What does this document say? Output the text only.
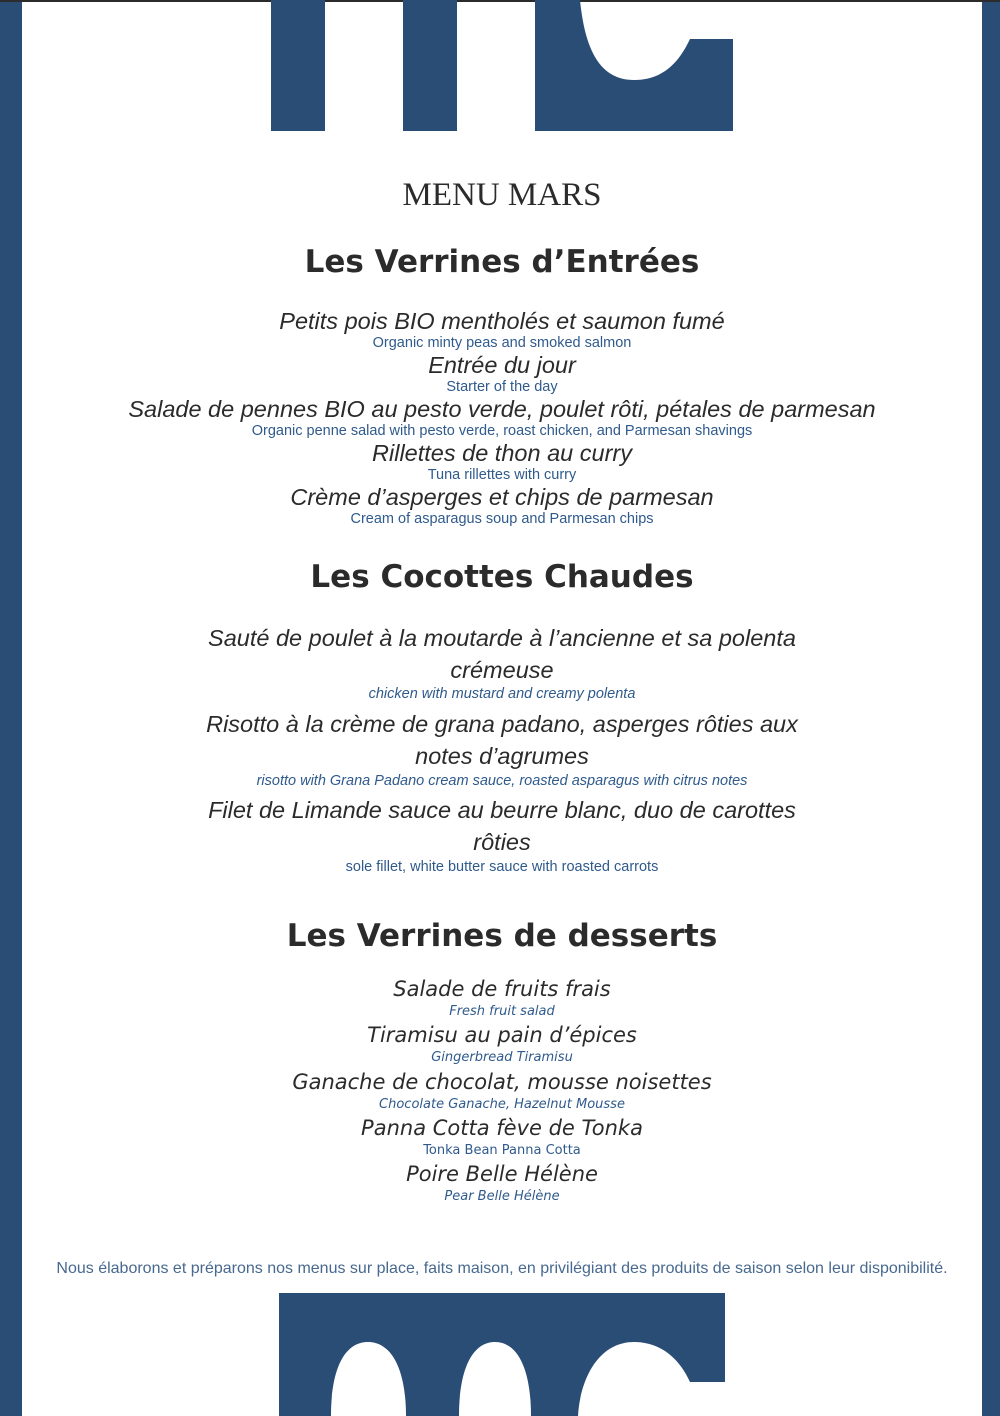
MENU MARS
Les Verrines d’Entrées
Petits pois BIO mentholés et saumon fumé
Organic minty peas and smoked salmon
Entrée du jour
Starter of the day
Salade de pennes BIO au pesto verde, poulet rôti, pétales de parmesan
Organic penne salad with pesto verde, roast chicken, and Parmesan shavings
Rillettes de thon au curry
Tuna rillettes with curry
Crème d’asperges et chips de parmesan
Cream of asparagus soup and Parmesan chips
Les Cocottes Chaudes
Sauté de poulet à la moutarde à l’ancienne et sa polenta
crémeuse
chicken with mustard and creamy polenta
Risotto à la crème de grana padano, asperges rôties aux
notes d’agrumes
risotto with Grana Padano cream sauce, roasted asparagus with citrus notes
Filet de Limande sauce au beurre blanc, duo de carottes
rôties
sole fillet, white butter sauce with roasted carrots
Les Verrines de desserts
Salade de fruits frais
Fresh fruit salad
Tiramisu au pain d’épices
Gingerbread Tiramisu
Ganache de chocolat, mousse noisettes
Chocolate Ganache, Hazelnut Mousse
Panna Cotta fève de Tonka
Tonka Bean Panna Cotta
Poire Belle Hélène
Pear Belle Hélène
Nous élaborons et préparons nos menus sur place, faits maison, en privilégiant des produits de saison selon leur disponibilité.
